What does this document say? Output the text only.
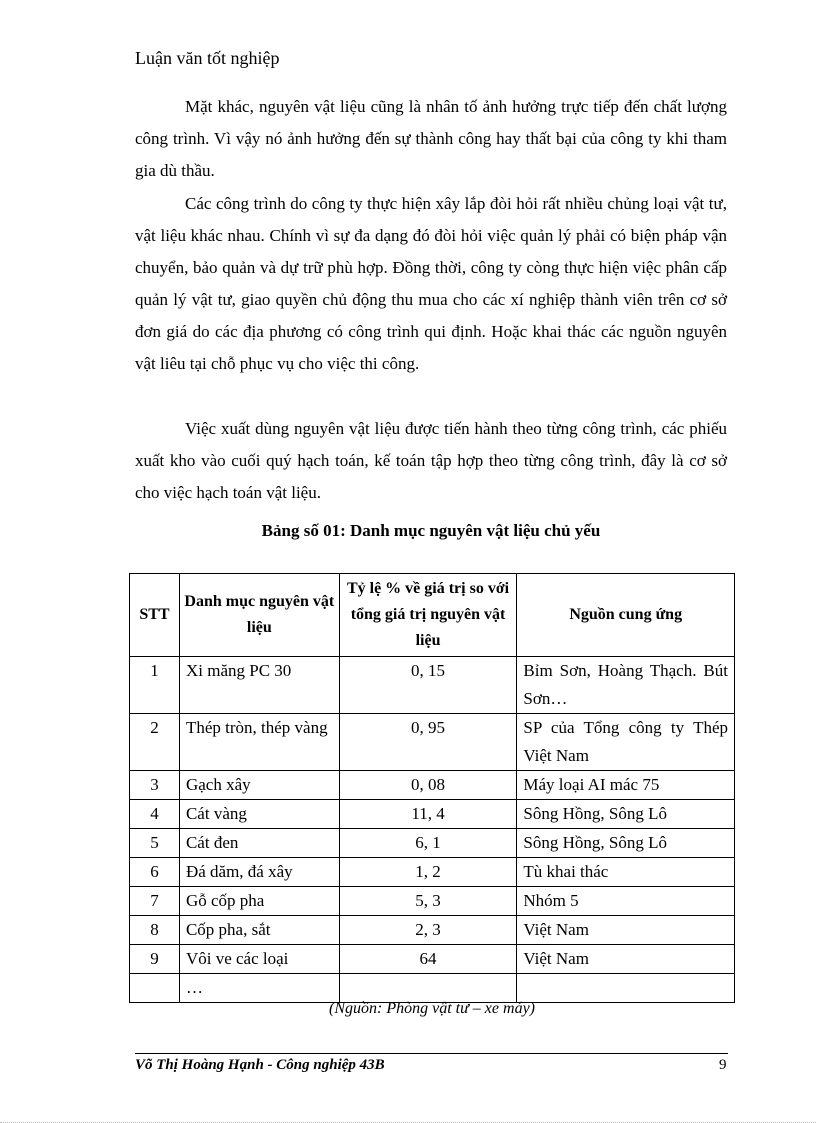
Luận văn tốt nghiệp

Mặt khác, nguyên vật liệu cũng là nhân tố ảnh hưởng trực tiếp đến chất lượng công trình. Vì vậy nó ảnh hưởng đến sự thành công hay thất bại của công ty khi tham gia dù thầu.

Các công trình do công ty thực hiện xây lắp đòi hỏi rất nhiều chủng loại vật tư, vật liệu khác nhau. Chính vì sự đa dạng đó đòi hỏi việc quản lý phải có biện pháp vận chuyển, bảo quản và dự trữ phù hợp. Đồng thời, công ty còng thực hiện việc phân cấp quản lý vật tư, giao quyền chủ động thu mua cho các xí nghiệp thành viên trên cơ sở đơn giá do các địa phương có công trình qui định. Hoặc khai thác các nguồn nguyên vật liêu tại chỗ phục vụ cho việc thi công.

Việc xuất dùng nguyên vật liệu được tiến hành theo từng công trình, các phiếu xuất kho vào cuối quý hạch toán, kế toán tập hợp theo từng công trình, đây là cơ sở cho việc hạch toán vật liệu.

Bảng số 01: Danh mục nguyên vật liệu chủ yếu
STT	Danh mục nguyên vật liệu	Tỷ lệ % về giá trị so với tổng giá trị nguyên vật liệu	Nguồn cung ứng
1	Xi măng PC 30	0, 15	Bỉm Sơn, Hoàng Thạch. Bút Sơn…
2	Thép tròn, thép vàng	0, 95	SP của Tổng công ty Thép Việt Nam
3	Gạch xây	0, 08	Máy loại AI mác 75
4	Cát vàng	11, 4	Sông Hồng, Sông Lô
5	Cát đen	6, 1	Sông Hồng, Sông Lô
6	Đá dăm, đá xây	1, 2	Tù khai thác
7	Gỗ cốp pha	5, 3	Nhóm 5
8	Cốp pha, sắt	2, 3	Việt Nam
9	Vôi ve các loại	64	Việt Nam
	…		
(Nguồn: Phòng vật tư – xe máy)
Võ Thị Hoàng Hạnh - Công nghiệp 43B	9
